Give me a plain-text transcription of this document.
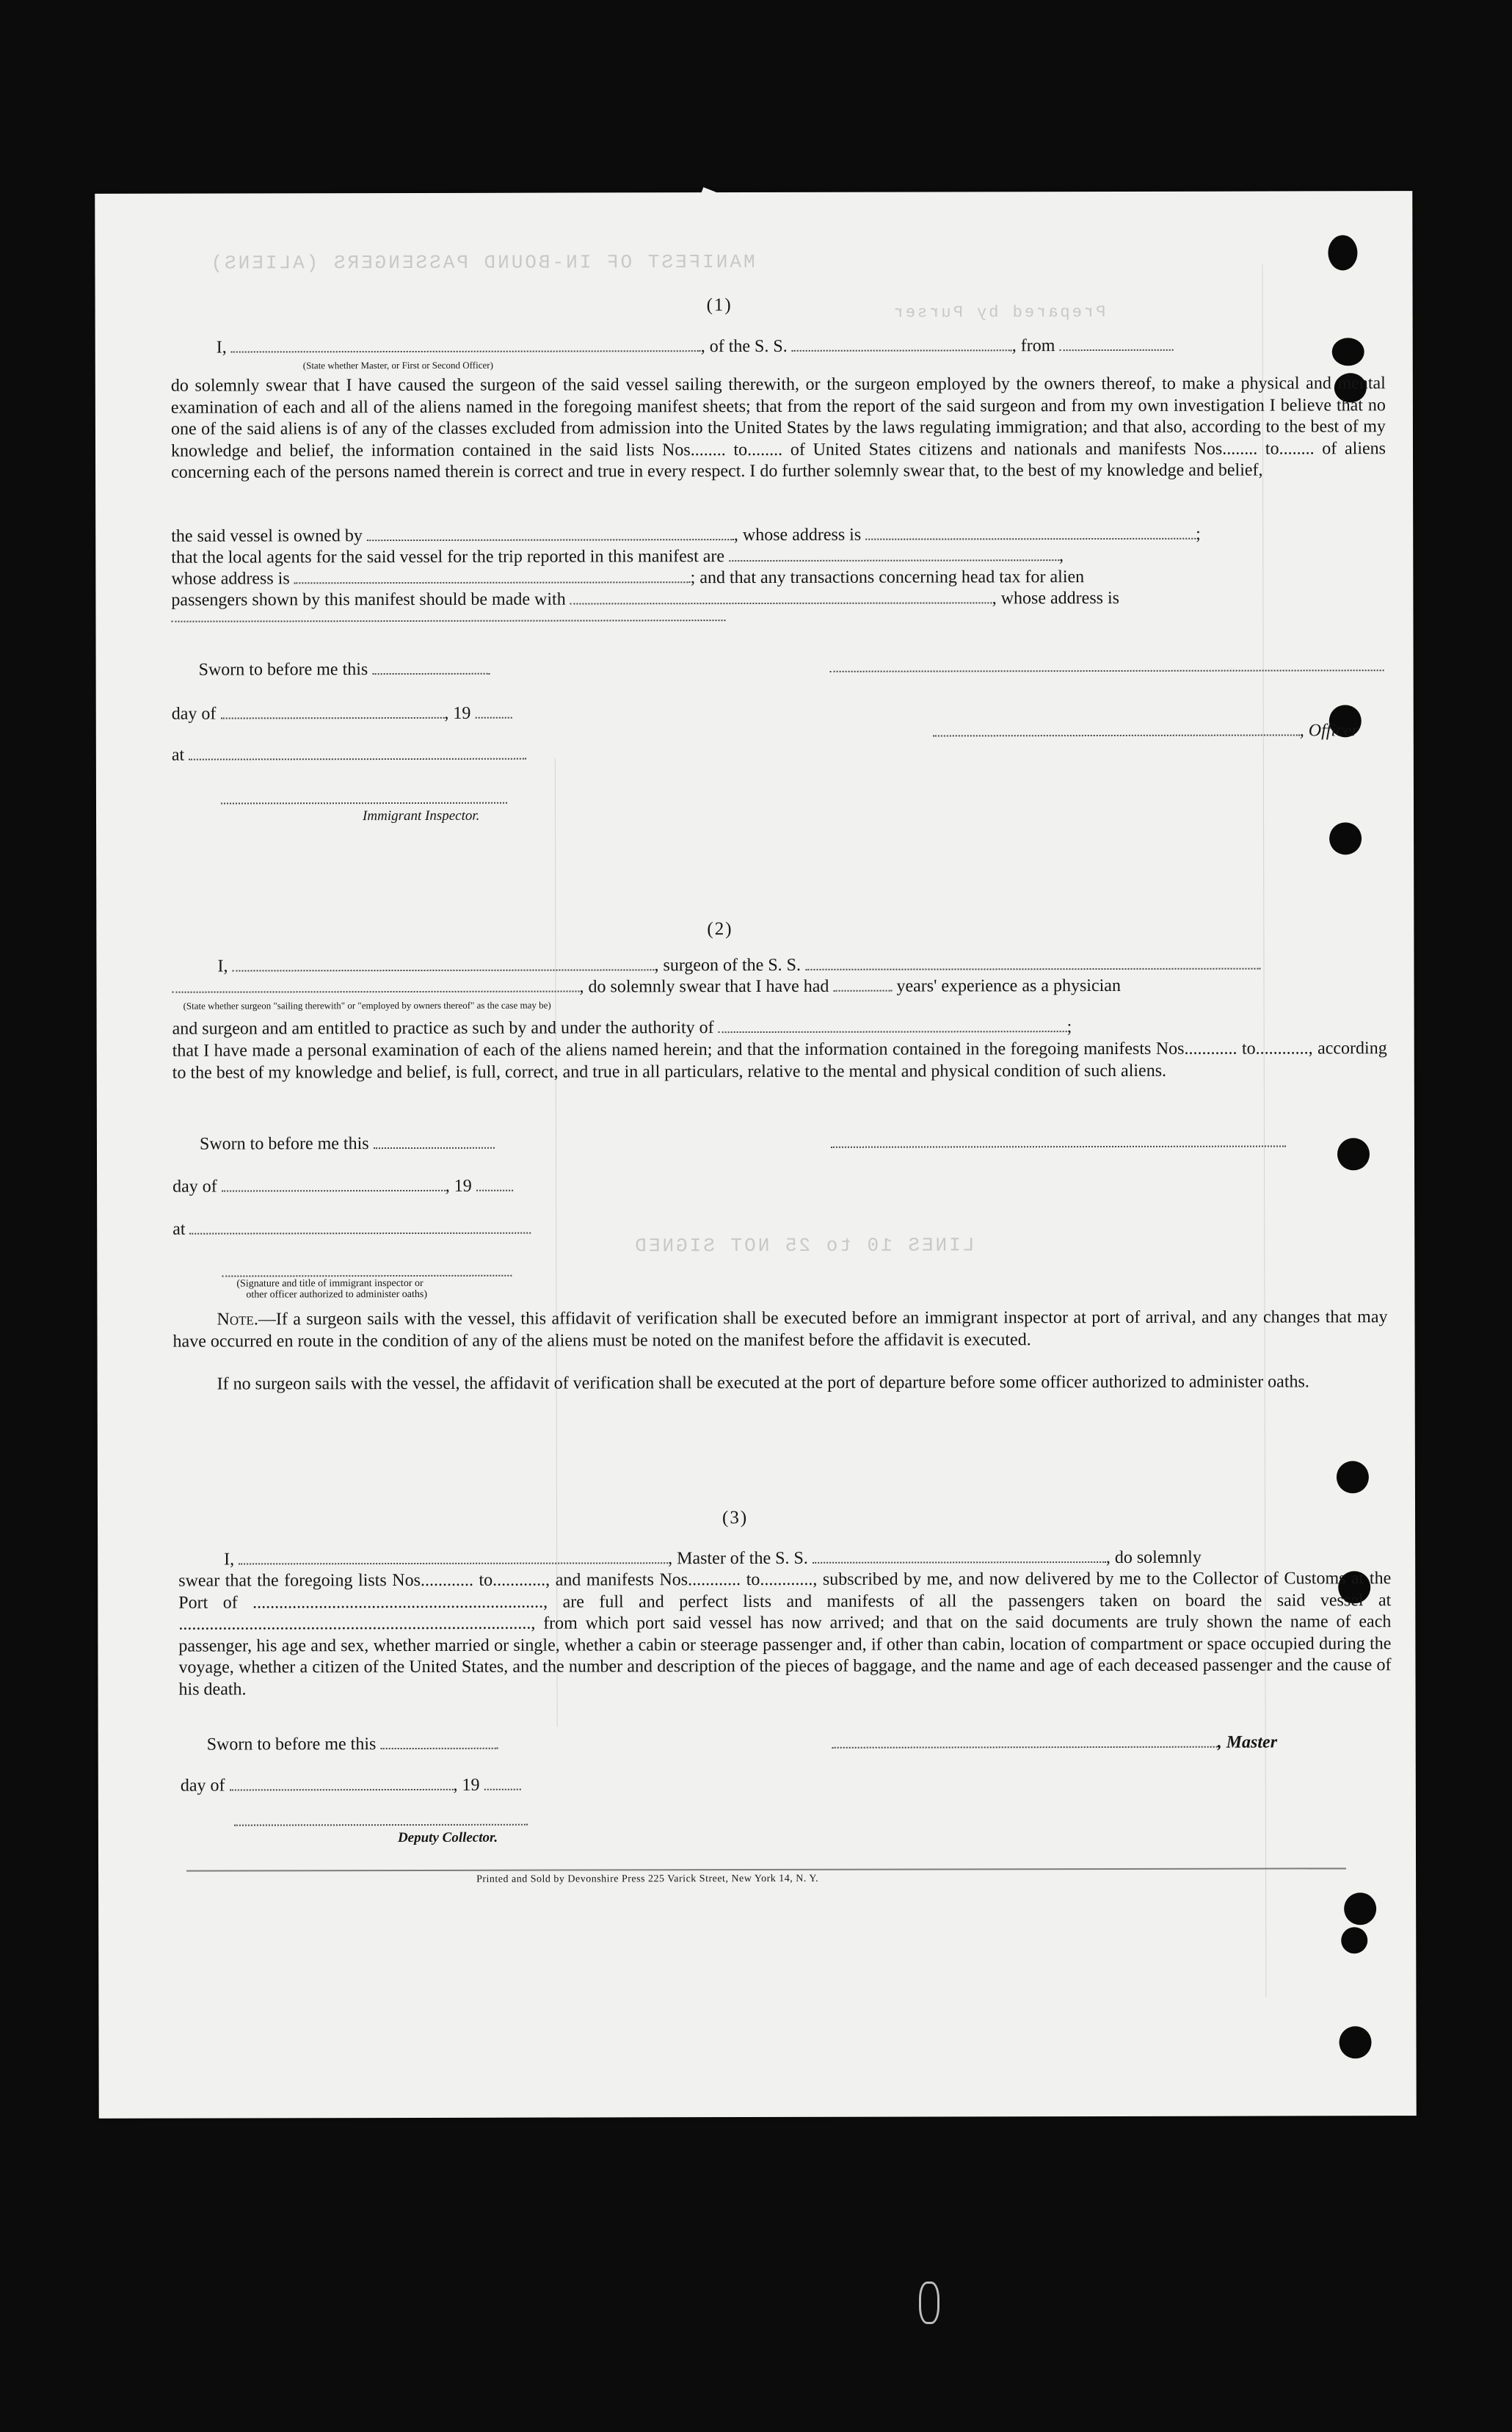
MANIFEST OF IN-BOUND PASSENGERS (ALIENS)
Prepared by Purser
LINES 10 to 25 NOT SIGNED
(1)
I,	, of the S. S.	, from
(State whether Master, or First or Second Officer)
do solemnly swear that I have caused the surgeon of the said vessel sailing therewith, or the surgeon employed by the owners thereof, to make a physical and mental examination of each and all of the aliens named in the foregoing manifest sheets; that from the report of the said surgeon and from my own investigation I believe that no one of the said aliens is of any of the classes excluded from admission into the United States by the laws regulating immigration; and that also, according to the best of my knowledge and belief, the information contained in the said lists Nos........ to........ of United States citizens and nationals and manifests Nos........ to........ of aliens concerning each of the persons named therein is correct and true in every respect. I do further solemnly swear that, to the best of my knowledge and belief,
the said vessel is owned by	, whose address is	;
that the local agents for the said vessel for the trip reported in this manifest are	,
whose address is	; and that any transactions concerning head tax for alien
passengers shown by this manifest should be made with	, whose address is
Sworn to before me this
day of	, 19
, Officer
at
Immigrant Inspector.
(2)
I,	, surgeon of the S. S.
, do solemnly swear that I have had	years' experience as a physician
(State whether surgeon "sailing therewith" or "employed by owners thereof" as the case may be)
and surgeon and am entitled to practice as such by and under the authority of	;
that I have made a personal examination of each of the aliens named herein; and that the information contained in the foregoing manifests Nos............ to............, according to the best of my knowledge and belief, is full, correct, and true in all particulars, relative to the mental and physical condition of such aliens.
Sworn to before me this
day of	, 19
at
(Signature and title of immigrant inspector or
other officer authorized to administer oaths)
Note.—If a surgeon sails with the vessel, this affidavit of verification shall be executed before an immigrant inspector at port of arrival, and any changes that may have occurred en route in the condition of any of the aliens must be noted on the manifest before the affidavit is executed.
If no surgeon sails with the vessel, the affidavit of verification shall be executed at the port of departure before some officer authorized to administer oaths.
(3)
I,	, Master of the S. S.	, do solemnly
swear that the foregoing lists Nos............ to............, and manifests Nos............ to............, subscribed by me, and now delivered by me to the Collector of Customs at the Port of .................................................................., are full and perfect lists and manifests of all the passengers taken on board the said vessel at ................................................................................, from which port said vessel has now arrived; and that on the said documents are truly shown the name of each passenger, his age and sex, whether married or single, whether a cabin or steerage passenger and, if other than cabin, location of compartment or space occupied during the voyage, whether a citizen of the United States, and the number and description of the pieces of baggage, and the name and age of each deceased passenger and the cause of his death.
Sworn to before me this	, Master
day of	, 19
Deputy Collector.
Printed and Sold by Devonshire Press 225 Varick Street, New York 14, N. Y.
